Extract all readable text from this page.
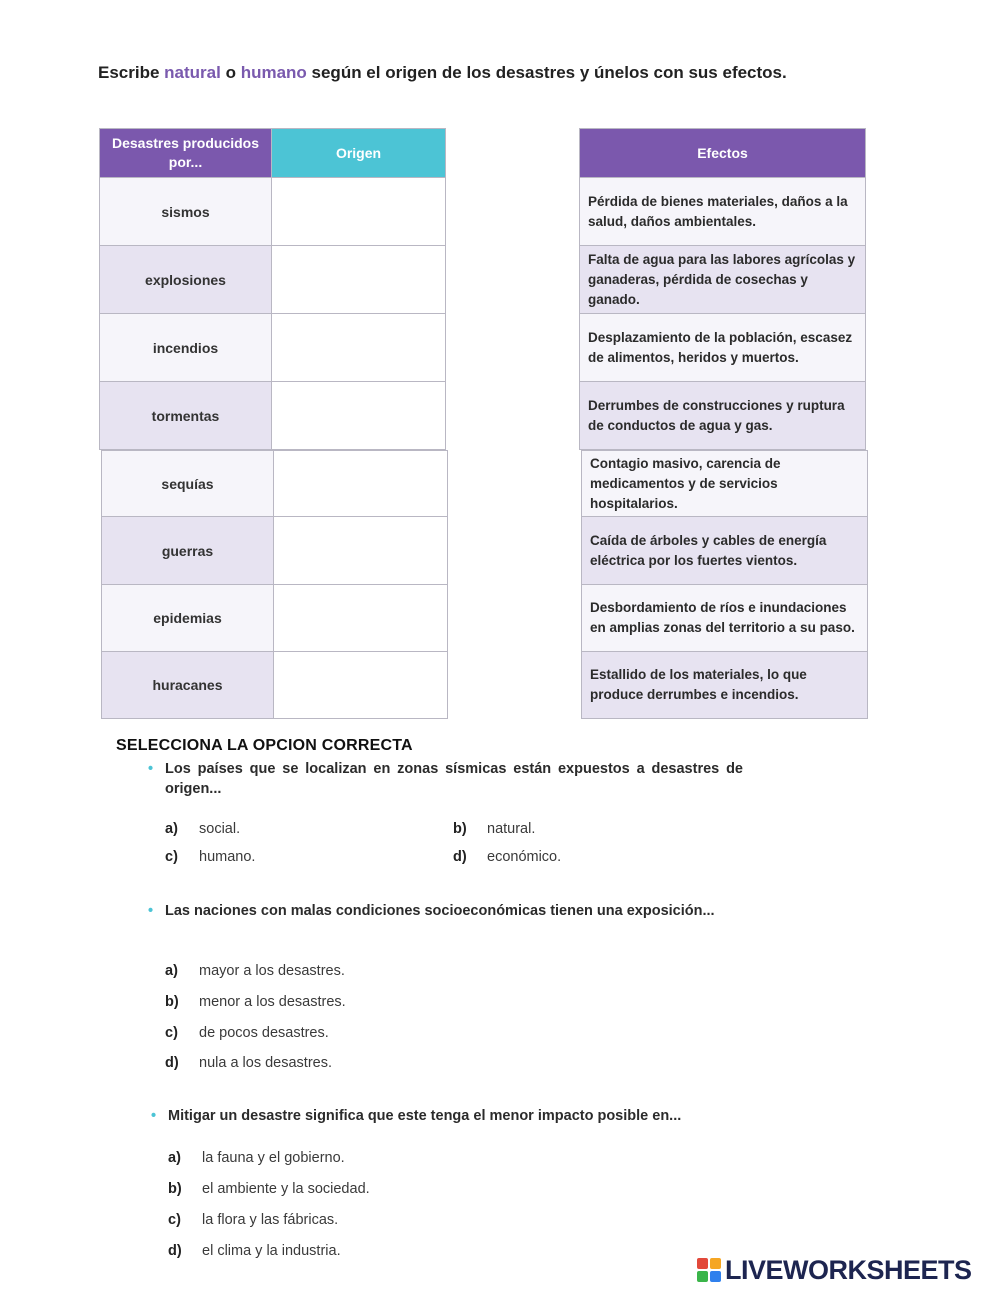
Escribe natural o humano según el origen de los desastres y únelos con sus efectos.
Desastres producidos por...	Origen
sismos	
explosiones	
incendios	
tormentas	
sequías	
guerras	
epidemias	
huracanes	
Efectos
Pérdida de bienes materiales, daños a la salud, daños ambientales.
Falta de agua para las labores agrícolas y ganaderas, pérdida de cosechas y ganado.
Desplazamiento de la población, escasez de alimentos, heridos y muertos.
Derrumbes de construcciones y ruptura de conductos de agua y gas.
Contagio masivo, carencia de medicamentos y de servicios hospitalarios.
Caída de árboles y cables de energía eléctrica por los fuertes vientos.
Desbordamiento de ríos e inundaciones en amplias zonas del territorio a su paso.
Estallido de los materiales, lo que produce derrumbes e incendios.
SELECCIONA LA OPCION CORRECTA
• Los países que se localizan en zonas sísmicas están expuestos a desastres de origen...
a) social.	b) natural.
c) humano.	d) económico.
• Las naciones con malas condiciones socioeconómicas tienen una exposición...
a) mayor a los desastres.
b) menor a los desastres.
c) de pocos desastres.
d) nula a los desastres.
• Mitigar un desastre significa que este tenga el menor impacto posible en...
a) la fauna y el gobierno.
b) el ambiente y la sociedad.
c) la flora y las fábricas.
d) el clima y la industria.
LIVEWORKSHEETS
